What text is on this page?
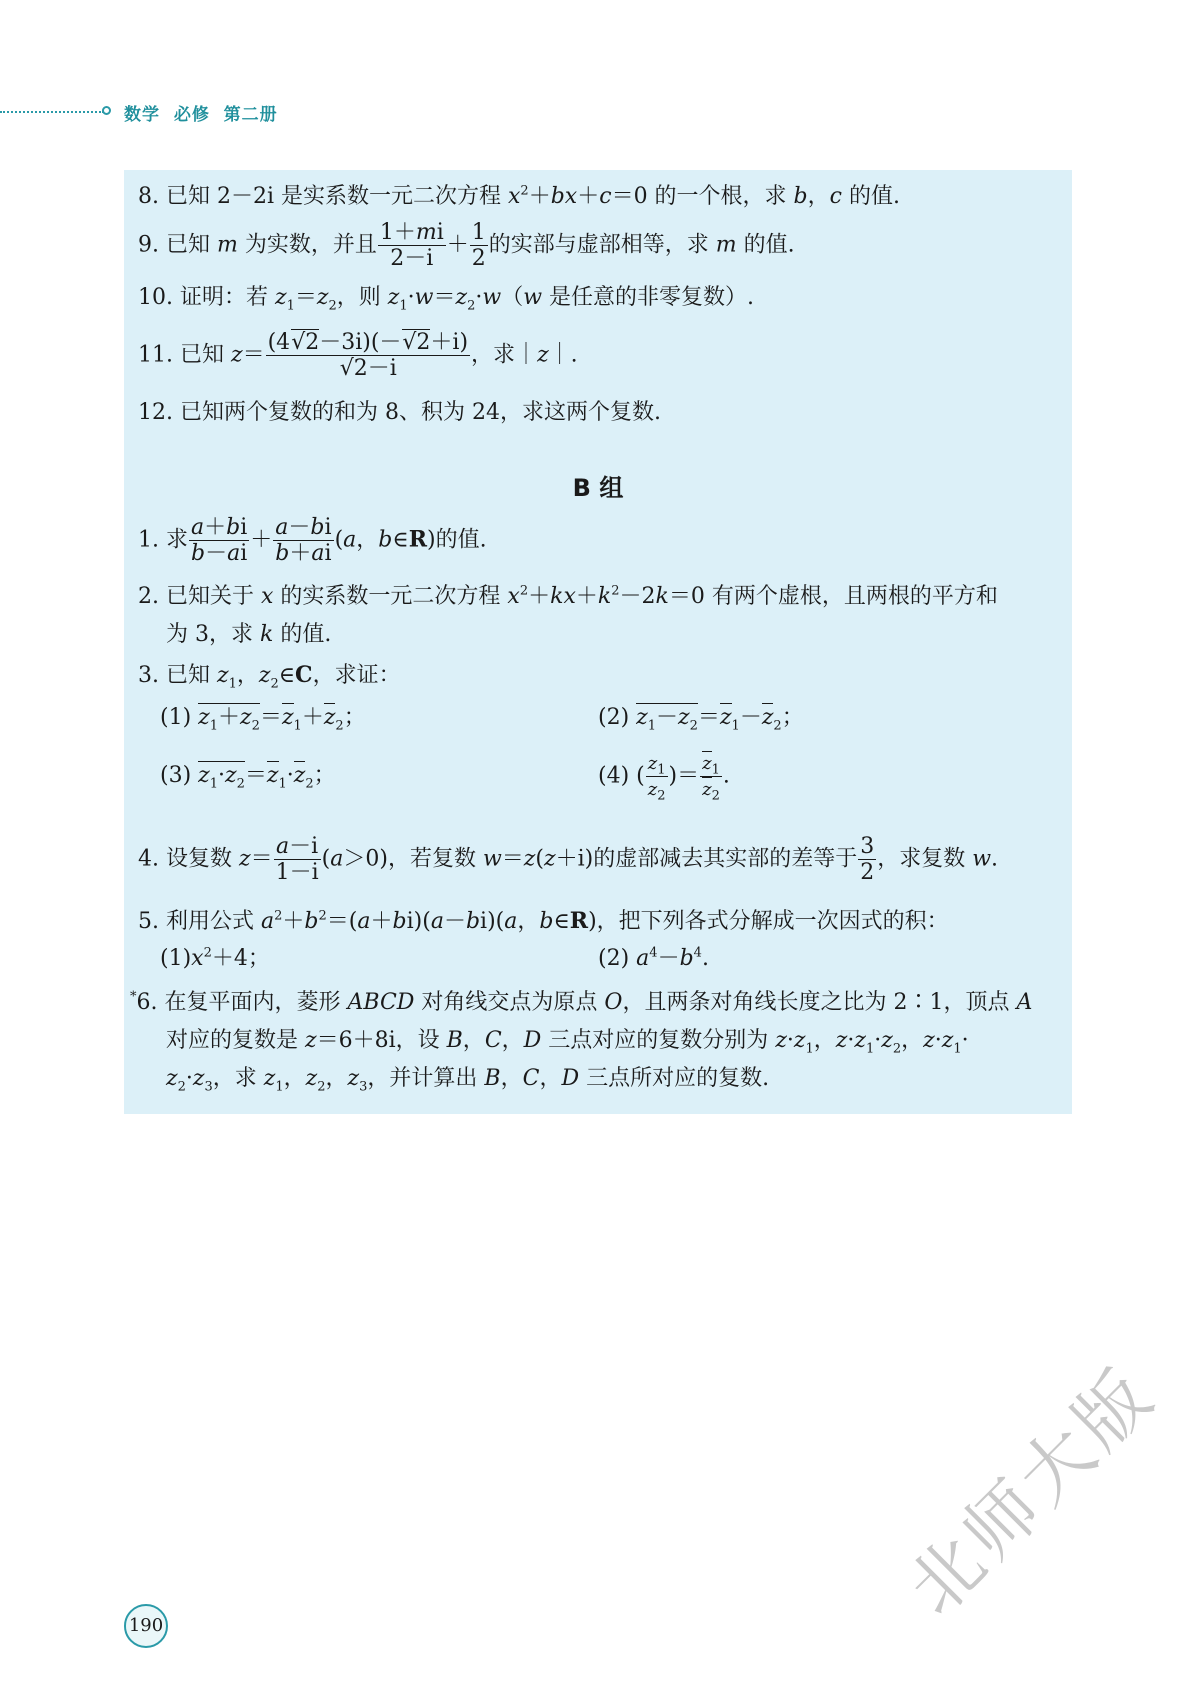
数学  必修  第二册
8. 已知 2－2i 是实系数一元二次方程 $x^2+bx+c=0$ 的一个根，求 b，c 的值.
9. 已知 m 为实数，并且 $\frac{1+mi}{2-i} + \frac{1}{2}$ 的实部与虚部相等，求 m 的值.
10. 证明：若 $z_1=z_2$，则 $z_1\cdot w=z_2\cdot w(w$ 是任意的非零复数）.
11. 已知 $z= \frac{(4√2-3i)(-√2+i)}{√2-i}$ ，求｜z｜.
12. 已知两个复数的和为 8、积为 24，求这两个复数.
B 组
1. 求 $\frac{a+bi}{b-ai} + \frac{a-bi}{b+ai} (a$，b∈R)的值.
2. 已知关于 x 的实系数一元二次方程 $x^2+kx+k^2-2k=0$ 有两个虚根，且两根的平方和
为 3，求 k 的值.
3. 已知 $z_1$，$z_2\in C$，求证：
(1) $z_1+z_2=z_1+z_2$；	(2) $z_1-z_2=z_1-z_2$；
(3) $z_1\cdot z_2=z_1\cdot z_2$；	(4) ( $\frac{z_1}{z_2}$ )＝ $\frac{z_1}{z_2}$ .
4. 设复数 $z= \frac{a-i}{1-i} (a>0)$，若复数 w＝z(z＋i)的虚部减去其实部的差等于 $\frac{3}{2}$ ，求复数 w.
5. 利用公式 $a^2+b^2=(a+bi)(a-bi)(a$，b∈R)，把下列各式分解成一次因式的积：
$(1)x^2+4$；	(2) $a^4-b^4$.
*6. 在复平面内，菱形 ABCD 对角线交点为原点 O，且两条对角线长度之比为 2∶1，顶点 A
对应的复数是 z＝6＋8i，设 B，C，D 三点对应的复数分别为 $z\cdot z_1$，$z\cdot z_1\cdot z_2$，$z\cdot z_1\cdot$
$z_2\cdot z_3$，求 $z_1$，$z_2$，$z_3$，并计算出 B，C，D 三点所对应的复数.
190	北师大版
